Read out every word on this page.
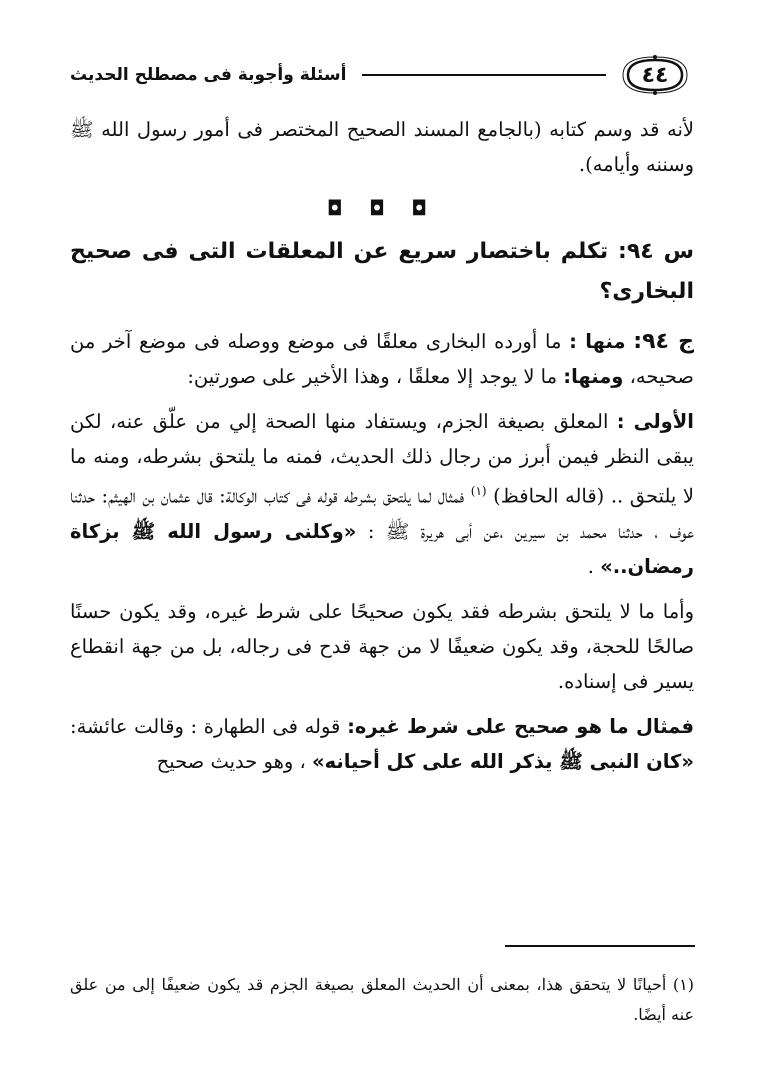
٤٤
أسئلة وأجوبة فى مصطلح الحديث

لأنه قد وسم كتابه (بالجامع المسند الصحيح المختصر فى أمور رسول الله ﷺ وسننه وأيامه).

◘ ◘ ◘

س ٩٤: تكلم باختصار سريع عن المعلقات التى فى صحيح البخارى؟

ج ٩٤: منها : ما أورده البخارى معلقًا فى موضع ووصله فى موضع آخر من صحيحه، ومنها: ما لا يوجد إلا معلقًا ، وهذا الأخير على صورتين:

الأولى : المعلق بصيغة الجزم، ويستفاد منها الصحة إلي من علّق عنه، لكن يبقى النظر فيمن أبرز من رجال ذلك الحديث، فمنه ما يلتحق بشرطه، ومنه ما لا يلتحق .. (قاله الحافظ) $^{(١)}$ فمثال لما يلتحق بشرطه قوله فى كتاب الوكالة: قال عثمان بن الهيثم: حدثنا عوف ، حدثنا محمد بن سيرين ،عن أبى هريرة ﷺ : «وكلنى رسول الله ﷺ بزكاة رمضان..» .

وأما ما لا يلتحق بشرطه فقد يكون صحيحًا على شرط غيره، وقد يكون حسنًا صالحًا للحجة، وقد يكون ضعيفًا لا من جهة قدح فى رجاله، بل من جهة انقطاع يسير فى إسناده.

فمثال ما هو صحيح على شرط غيره: قوله فى الطهارة : وقالت عائشة: «كان النبى ﷺ يذكر الله على كل أحيانه» ، وهو حديث صحيح

(١) أحيانًا لا يتحقق هذا، بمعنى أن الحديث المعلق بصيغة الجزم قد يكون ضعيفًا إلى من علق عنه أيضًا.
